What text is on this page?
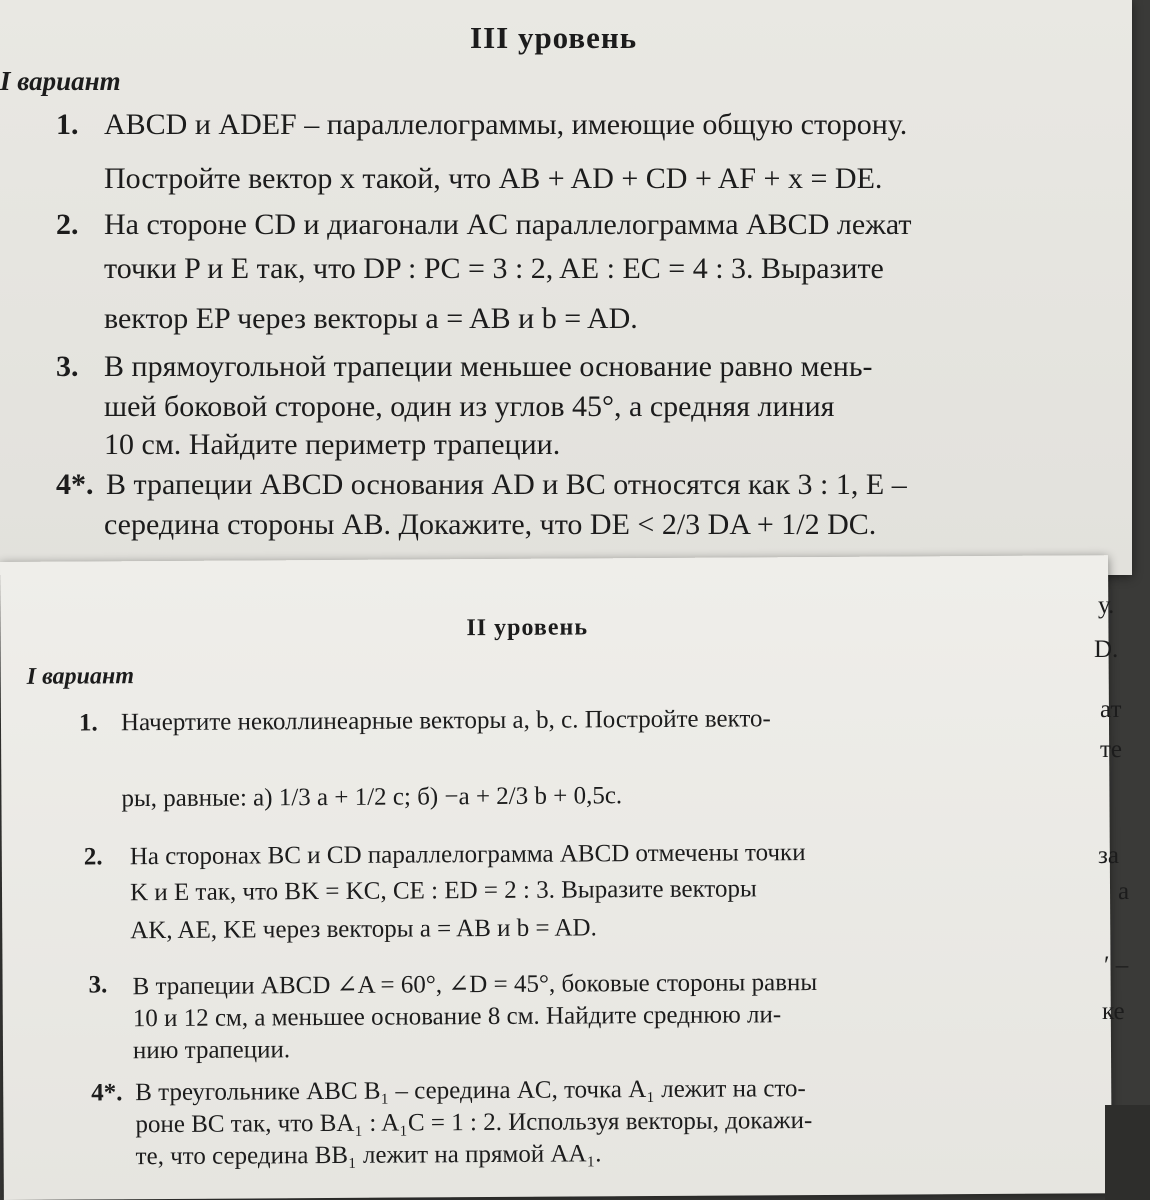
III уровень
I вариант
1. ABCD и ADEF – параллелограммы, имеющие общую сторону.
Постройте вектор x такой, что AB + AD + CD + AF + x = DE.
2. На стороне CD и диагонали AC параллелограмма ABCD лежат
точки P и E так, что DP : PC = 3 : 2, AE : EC = 4 : 3. Выразите
вектор EP через векторы a = AB и b = AD.
3. В прямоугольной трапеции меньшее основание равно мень-
шей боковой стороне, один из углов 45°, а средняя линия
10 см. Найдите периметр трапеции.
4*. В трапеции ABCD основания AD и BC относятся как 3 : 1, E –
середина стороны AB. Докажите, что DE < 2/3 DA + 1/2 DC.
II уровень
I вариант
1. Начертите неколлинеарные векторы a, b, c. Постройте векто-
ры, равные: а) 1/3 a + 1/2 c; б) −a + 2/3 b + 0,5c.
2. На сторонах BC и CD параллелограмма ABCD отмечены точки
K и E так, что BK = KC, CE : ED = 2 : 3. Выразите векторы
AK, AE, KE через векторы a = AB и b = AD.
3. В трапеции ABCD ∠A = 60°, ∠D = 45°, боковые стороны равны
10 и 12 см, а меньшее основание 8 см. Найдите среднюю ли-
нию трапеции.
4*. В треугольнике ABC B₁ – середина AC, точка A₁ лежит на сто-
роне BC так, что BA₁ : A₁C = 1 : 2. Используя векторы, докажи-
те, что середина BB₁ лежит на прямой AA₁.
у.
D.
ат
те
за
а
′ –
ке
